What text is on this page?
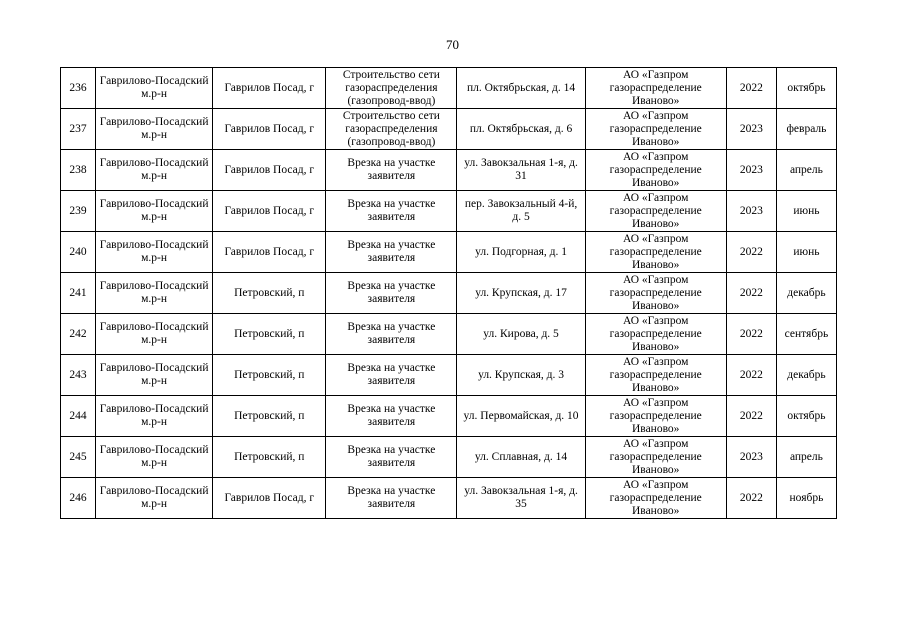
70
236	Гаврилово-Посадский м.р-н	Гаврилов Посад, г	Строительство сети газораспределения (газопровод-ввод)	пл. Октябрьская, д. 14	АО «Газпром газораспределение Иваново»	2022	октябрь
237	Гаврилово-Посадский м.р-н	Гаврилов Посад, г	Строительство сети газораспределения (газопровод-ввод)	пл. Октябрьская, д. 6	АО «Газпром газораспределение Иваново»	2023	февраль
238	Гаврилово-Посадский м.р-н	Гаврилов Посад, г	Врезка на участке заявителя	ул. Завокзальная 1-я, д. 31	АО «Газпром газораспределение Иваново»	2023	апрель
239	Гаврилово-Посадский м.р-н	Гаврилов Посад, г	Врезка на участке заявителя	пер. Завокзальный 4-й, д. 5	АО «Газпром газораспределение Иваново»	2023	июнь
240	Гаврилово-Посадский м.р-н	Гаврилов Посад, г	Врезка на участке заявителя	ул. Подгорная, д. 1	АО «Газпром газораспределение Иваново»	2022	июнь
241	Гаврилово-Посадский м.р-н	Петровский, п	Врезка на участке заявителя	ул. Крупская, д. 17	АО «Газпром газораспределение Иваново»	2022	декабрь
242	Гаврилово-Посадский м.р-н	Петровский, п	Врезка на участке заявителя	ул. Кирова, д. 5	АО «Газпром газораспределение Иваново»	2022	сентябрь
243	Гаврилово-Посадский м.р-н	Петровский, п	Врезка на участке заявителя	ул. Крупская, д. 3	АО «Газпром газораспределение Иваново»	2022	декабрь
244	Гаврилово-Посадский м.р-н	Петровский, п	Врезка на участке заявителя	ул. Первомайская, д. 10	АО «Газпром газораспределение Иваново»	2022	октябрь
245	Гаврилово-Посадский м.р-н	Петровский, п	Врезка на участке заявителя	ул. Сплавная, д. 14	АО «Газпром газораспределение Иваново»	2023	апрель
246	Гаврилово-Посадский м.р-н	Гаврилов Посад, г	Врезка на участке заявителя	ул. Завокзальная 1-я, д. 35	АО «Газпром газораспределение Иваново»	2022	ноябрь
